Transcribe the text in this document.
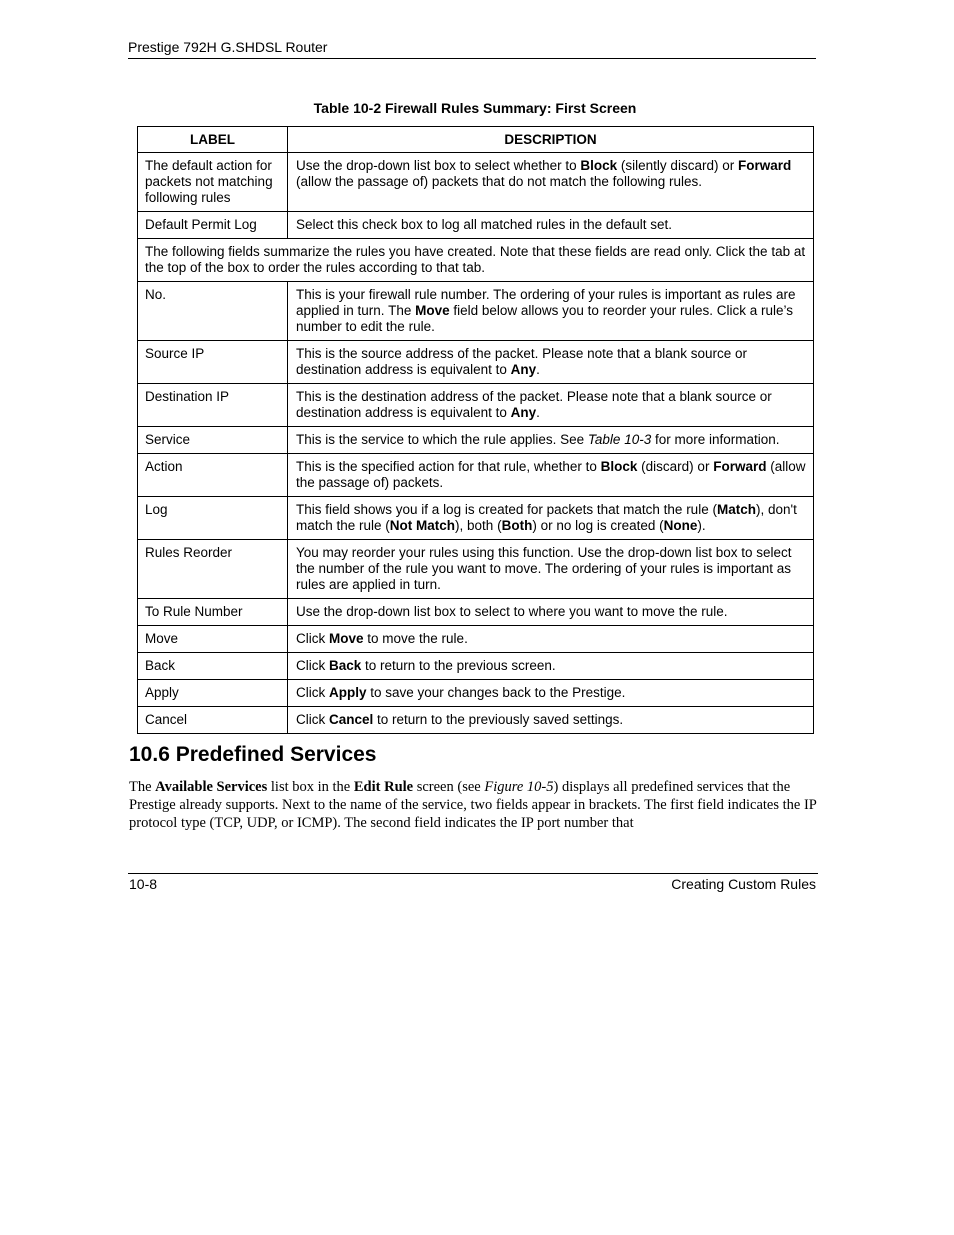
Prestige 792H G.SHDSL Router
Table 10-2 Firewall Rules Summary: First Screen
LABEL	DESCRIPTION
The default action for packets not matching following rules	Use the drop-down list box to select whether to Block (silently discard) or Forward (allow the passage of) packets that do not match the following rules.
Default Permit Log	Select this check box to log all matched rules in the default set.
The following fields summarize the rules you have created. Note that these fields are read only. Click the tab at the top of the box to order the rules according to that tab.	
No.	This is your firewall rule number. The ordering of your rules is important as rules are applied in turn. The Move field below allows you to reorder your rules. Click a rule’s number to edit the rule.
Source IP	This is the source address of the packet. Please note that a blank source or destination address is equivalent to Any.
Destination IP	This is the destination address of the packet. Please note that a blank source or destination address is equivalent to Any.
Service	This is the service to which the rule applies. See Table 10-3 for more information.
Action	This is the specified action for that rule, whether to Block (discard) or Forward (allow the passage of) packets.
Log	This field shows you if a log is created for packets that match the rule (Match), don't match the rule (Not Match), both (Both) or no log is created (None).
Rules Reorder	You may reorder your rules using this function. Use the drop-down list box to select the number of the rule you want to move. The ordering of your rules is important as rules are applied in turn.
To Rule Number	Use the drop-down list box to select to where you want to move the rule.
Move	Click Move to move the rule.
Back	Click Back to return to the previous screen.
Apply	Click Apply to save your changes back to the Prestige.
Cancel	Click Cancel to return to the previously saved settings.
10.6 Predefined Services
The Available Services list box in the Edit Rule screen (see Figure 10-5) displays all predefined services that the Prestige already supports. Next to the name of the service, two fields appear in brackets. The first field indicates the IP protocol type (TCP, UDP, or ICMP). The second field indicates the IP port number that
10-8	Creating Custom Rules
